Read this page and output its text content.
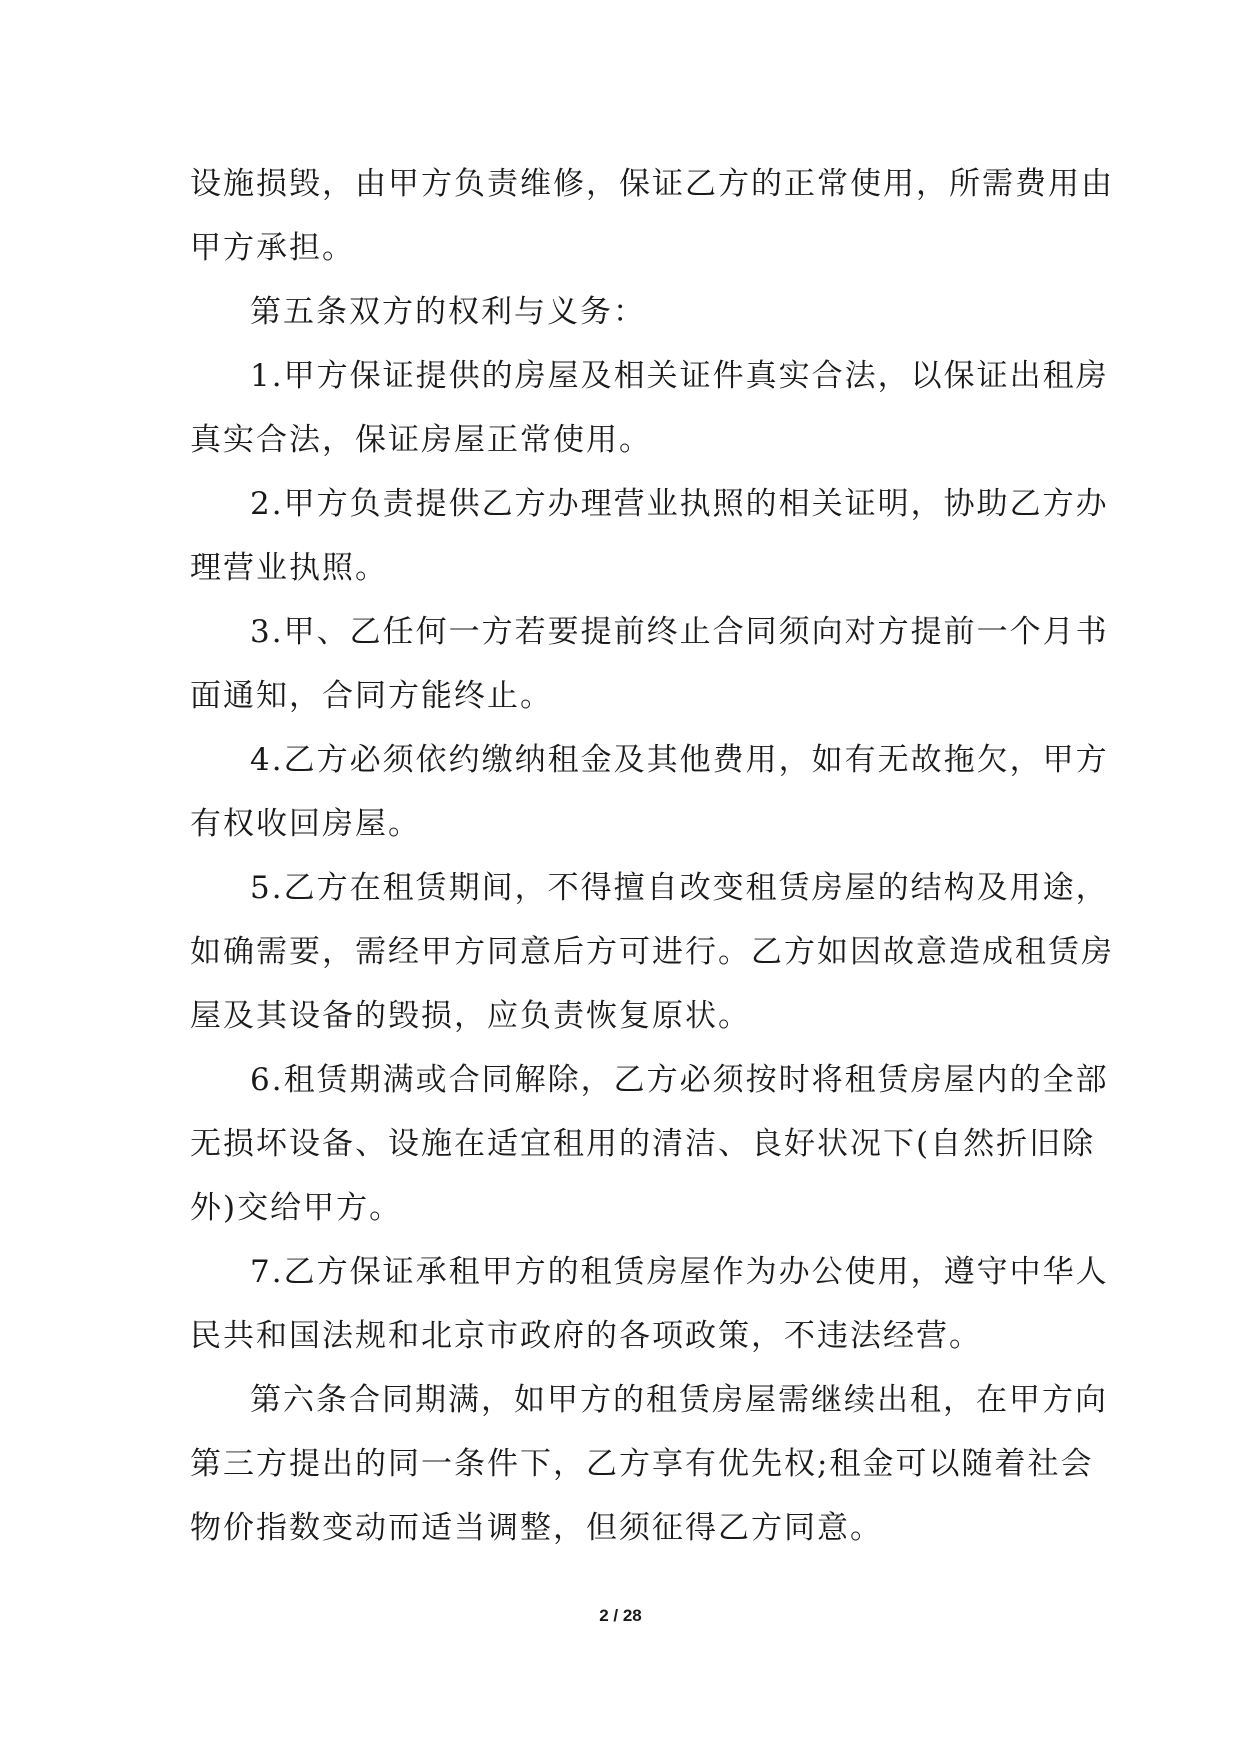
设施损毁，由甲方负责维修，保证乙方的正常使用，所需费用由
甲方承担。
第五条双方的权利与义务：
1.甲方保证提供的房屋及相关证件真实合法，以保证出租房
真实合法，保证房屋正常使用。
2.甲方负责提供乙方办理营业执照的相关证明，协助乙方办
理营业执照。
3.甲、乙任何一方若要提前终止合同须向对方提前一个月书
面通知，合同方能终止。
4.乙方必须依约缴纳租金及其他费用，如有无故拖欠，甲方
有权收回房屋。
5.乙方在租赁期间，不得擅自改变租赁房屋的结构及用途，
如确需要，需经甲方同意后方可进行。乙方如因故意造成租赁房
屋及其设备的毁损，应负责恢复原状。
6.租赁期满或合同解除，乙方必须按时将租赁房屋内的全部
无损坏设备、设施在适宜租用的清洁、良好状况下(自然折旧除
外)交给甲方。
7.乙方保证承租甲方的租赁房屋作为办公使用，遵守中华人
民共和国法规和北京市政府的各项政策，不违法经营。
第六条合同期满，如甲方的租赁房屋需继续出租，在甲方向
第三方提出的同一条件下，乙方享有优先权;租金可以随着社会
物价指数变动而适当调整，但须征得乙方同意。
2 / 28
